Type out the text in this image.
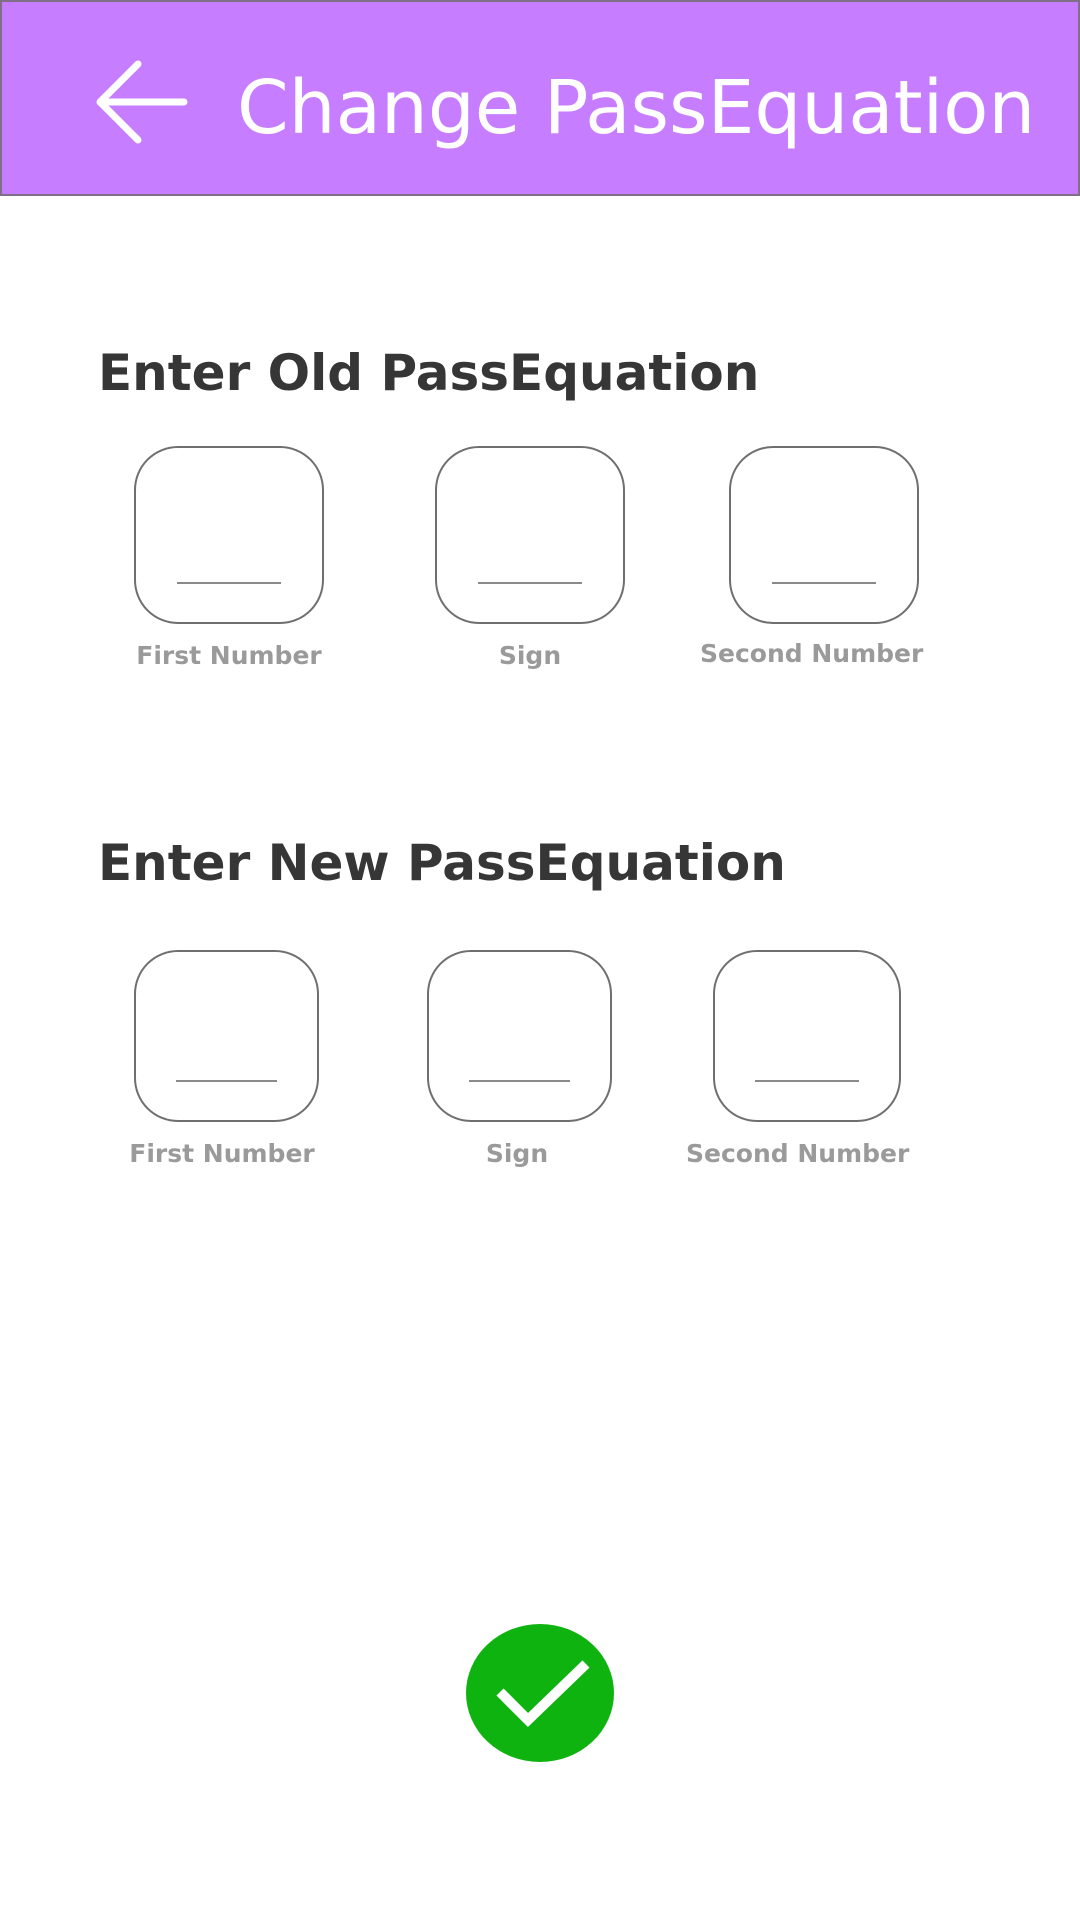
Change PassEquation
Enter Old PassEquation

First Number	Sign	Second Number

Enter New PassEquation

First Number	Sign	Second Number
